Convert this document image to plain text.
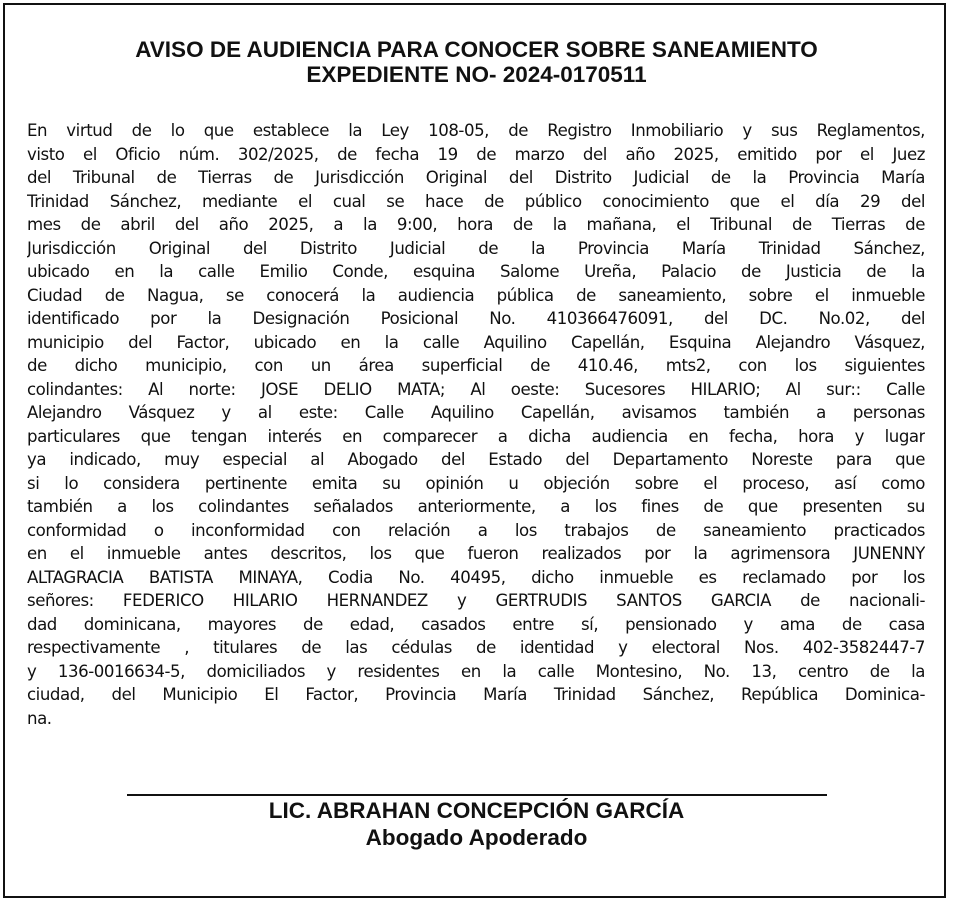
AVISO DE AUDIENCIA PARA CONOCER SOBRE SANEAMIENTO
EXPEDIENTE NO- 2024-0170511
En virtud de lo que establece la Ley 108-05, de Registro Inmobiliario y sus Reglamentos,
visto el Oficio núm. 302/2025, de fecha 19 de marzo del año 2025, emitido por el Juez
del Tribunal de Tierras de Jurisdicción Original del Distrito Judicial de la Provincia María
Trinidad Sánchez, mediante el cual se hace de público conocimiento que el día 29 del
mes de abril del año 2025, a la 9:00, hora de la mañana, el Tribunal de Tierras de
Jurisdicción Original del Distrito Judicial de la Provincia María Trinidad Sánchez,
ubicado en la calle Emilio Conde, esquina Salome Ureña, Palacio de Justicia de la
Ciudad de Nagua, se conocerá la audiencia pública de saneamiento, sobre el inmueble
identificado por la Designación Posicional No. 410366476091, del DC. No.02, del
municipio del Factor, ubicado en la calle Aquilino Capellán, Esquina Alejandro Vásquez,
de dicho municipio, con un área superficial de 410.46, mts2, con los siguientes
colindantes: Al norte: JOSE DELIO MATA; Al oeste: Sucesores HILARIO; Al sur:: Calle
Alejandro Vásquez y al este: Calle Aquilino Capellán, avisamos también a personas
particulares que tengan interés en comparecer a dicha audiencia en fecha, hora y lugar
ya indicado, muy especial al Abogado del Estado del Departamento Noreste para que
si lo considera pertinente emita su opinión u objeción sobre el proceso, así como
también a los colindantes señalados anteriormente, a los fines de que presenten su
conformidad o inconformidad con relación a los trabajos de saneamiento practicados
en el inmueble antes descritos, los que fueron realizados por la agrimensora JUNENNY
ALTAGRACIA BATISTA MINAYA, Codia No. 40495, dicho inmueble es reclamado por los
señores: FEDERICO HILARIO HERNANDEZ y GERTRUDIS SANTOS GARCIA de nacionali-
dad dominicana, mayores de edad, casados entre sí, pensionado y ama de casa
respectivamente , titulares de las cédulas de identidad y electoral Nos. 402-3582447-7
y 136-0016634-5, domiciliados y residentes en la calle Montesino, No. 13, centro de la
ciudad, del Municipio El Factor, Provincia María Trinidad Sánchez, República Dominica-
na.
LIC. ABRAHAN CONCEPCIÓN GARCÍA
Abogado Apoderado
